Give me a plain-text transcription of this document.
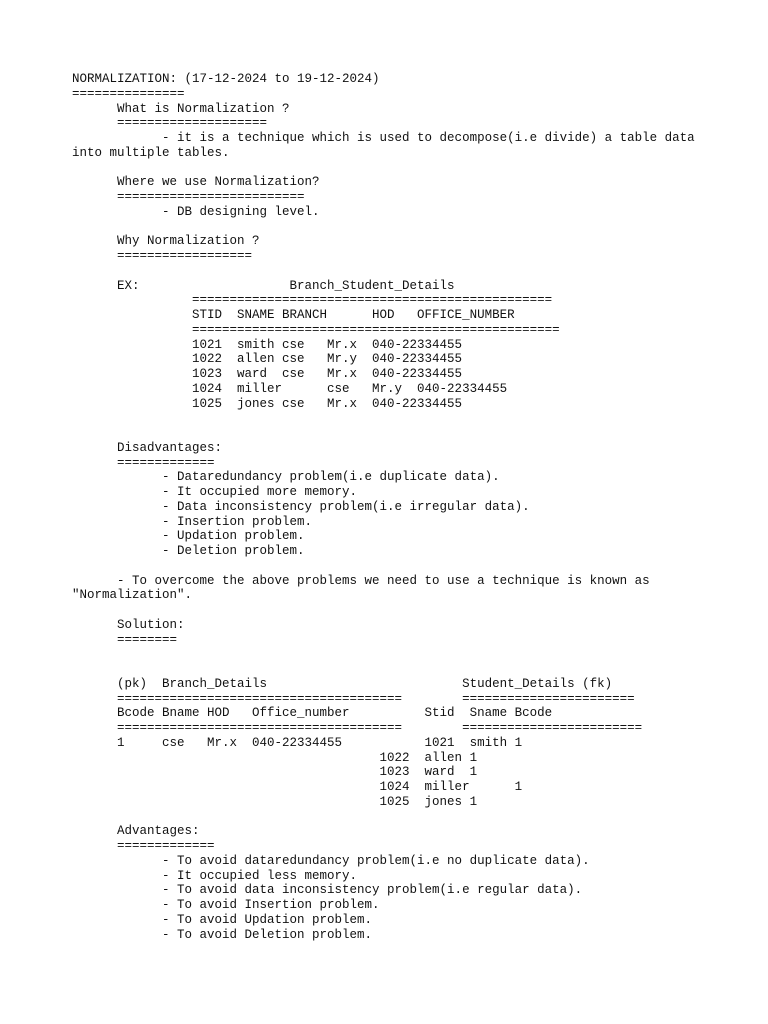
NORMALIZATION: (17-12-2024 to 19-12-2024)
===============
What is Normalization ?
====================
- it is a technique which is used to decompose(i.e divide) a table data
into multiple tables.
Where we use Normalization?
=========================
- DB designing level.
Why Normalization ?
==================
EX:                    Branch_Student_Details
================================================
STID  SNAME BRANCH      HOD   OFFICE_NUMBER
=================================================
1021  smith cse   Mr.x  040-22334455
1022  allen cse   Mr.y  040-22334455
1023  ward  cse   Mr.x  040-22334455
1024  miller      cse   Mr.y  040-22334455
1025  jones cse   Mr.x  040-22334455
Disadvantages:
=============
- Dataredundancy problem(i.e duplicate data).
- It occupied more memory.
- Data inconsistency problem(i.e irregular data).
- Insertion problem.
- Updation problem.
- Deletion problem.
- To overcome the above problems we need to use a technique is known as
"Normalization".
Solution:
========
(pk)  Branch_Details                          Student_Details (fk)
======================================        =======================
Bcode Bname HOD   Office_number          Stid  Sname Bcode
======================================        ========================
1     cse   Mr.x  040-22334455           1021  smith 1
1022  allen 1
1023  ward  1
1024  miller      1
1025  jones 1
Advantages:
=============
- To avoid dataredundancy problem(i.e no duplicate data).
- It occupied less memory.
- To avoid data inconsistency problem(i.e regular data).
- To avoid Insertion problem.
- To avoid Updation problem.
- To avoid Deletion problem.
